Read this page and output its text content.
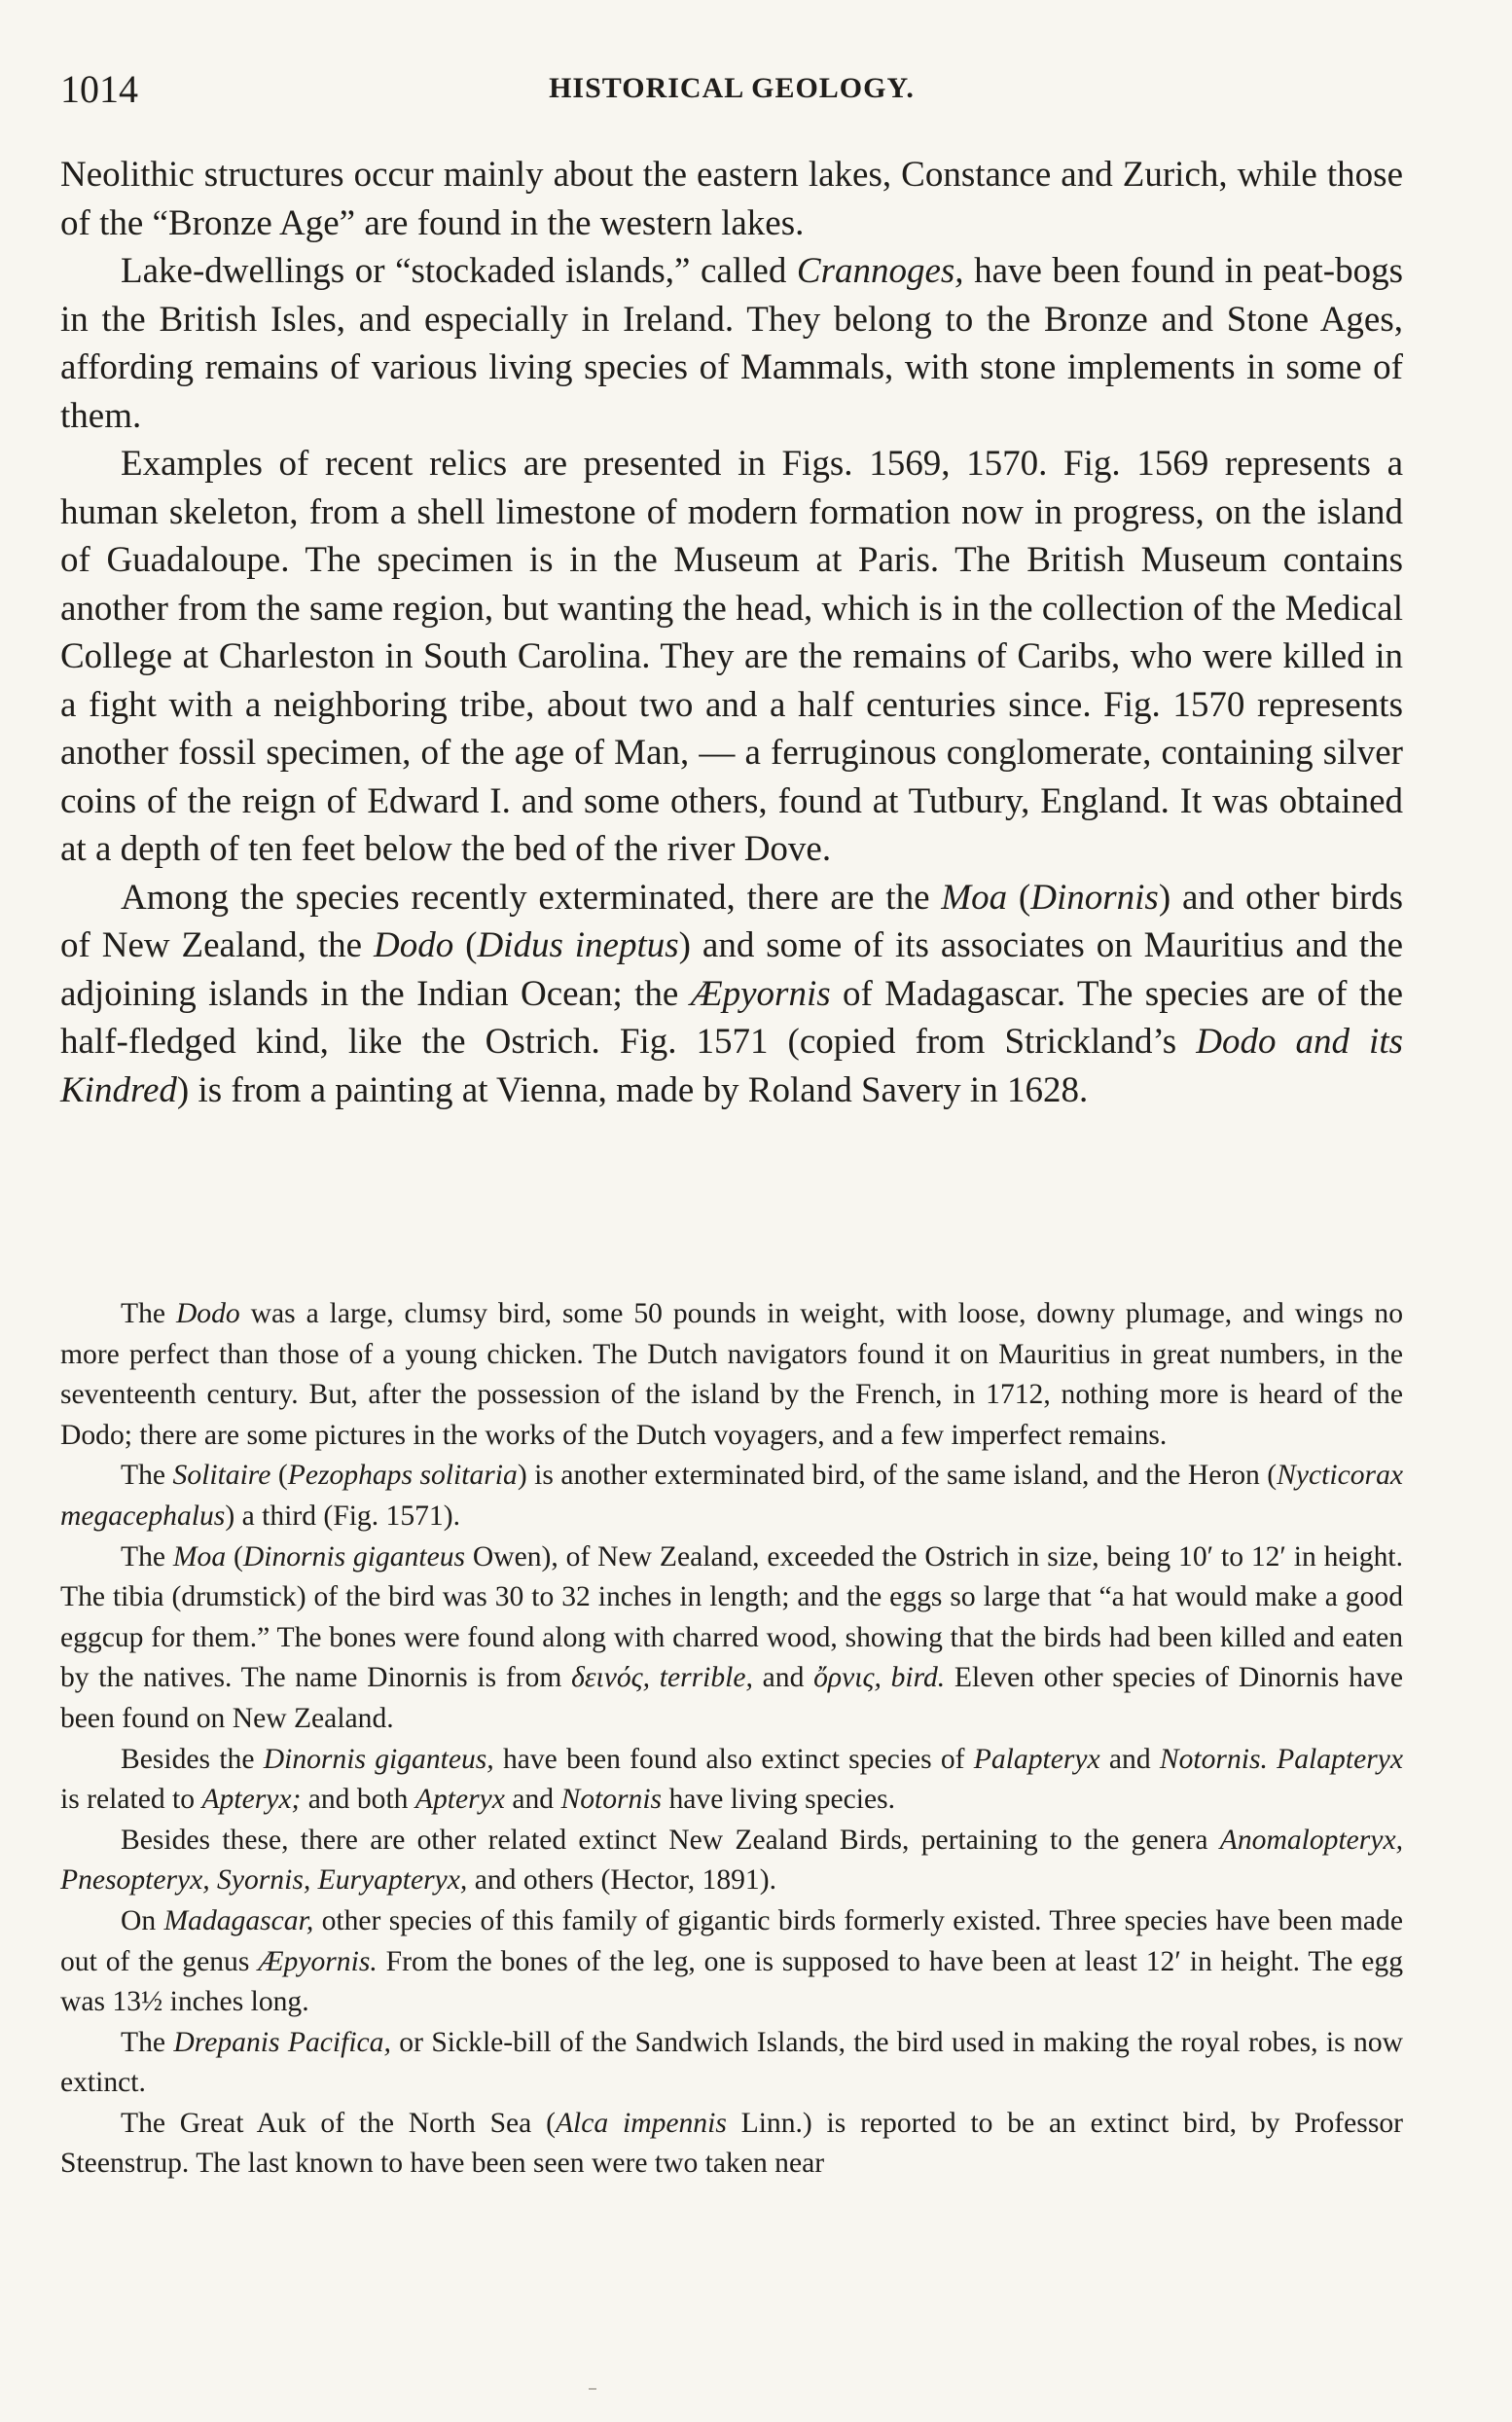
1014	HISTORICAL GEOLOGY.

Neolithic structures occur mainly about the eastern lakes, Constance and Zurich, while those of the “Bronze Age” are found in the western lakes.

Lake-dwellings or “stockaded islands,” called Crannoges, have been found in peat-bogs in the British Isles, and especially in Ireland. They belong to the Bronze and Stone Ages, affording remains of various living species of Mammals, with stone implements in some of them.

Examples of recent relics are presented in Figs. 1569, 1570. Fig. 1569 represents a human skeleton, from a shell limestone of modern formation now in progress, on the island of Guadaloupe. The specimen is in the Museum at Paris. The British Museum contains another from the same region, but wanting the head, which is in the collection of the Medical College at Charleston in South Carolina. They are the remains of Caribs, who were killed in a fight with a neighboring tribe, about two and a half centuries since. Fig. 1570 represents another fossil specimen, of the age of Man, — a ferruginous conglomerate, containing silver coins of the reign of Edward I. and some others, found at Tutbury, England. It was obtained at a depth of ten feet below the bed of the river Dove.

Among the species recently exterminated, there are the Moa (Dinornis) and other birds of New Zealand, the Dodo (Didus ineptus) and some of its associates on Mauritius and the adjoining islands in the Indian Ocean; the Æpyornis of Madagascar. The species are of the half-fledged kind, like the Ostrich. Fig. 1571 (copied from Strickland’s Dodo and its Kindred) is from a painting at Vienna, made by Roland Savery in 1628.

The Dodo was a large, clumsy bird, some 50 pounds in weight, with loose, downy plumage, and wings no more perfect than those of a young chicken. The Dutch navigators found it on Mauritius in great numbers, in the seventeenth century. But, after the possession of the island by the French, in 1712, nothing more is heard of the Dodo; there are some pictures in the works of the Dutch voyagers, and a few imperfect remains.

The Solitaire (Pezophaps solitaria) is another exterminated bird, of the same island, and the Heron (Nycticorax megacephalus) a third (Fig. 1571).

The Moa (Dinornis giganteus Owen), of New Zealand, exceeded the Ostrich in size, being 10′ to 12′ in height. The tibia (drumstick) of the bird was 30 to 32 inches in length; and the eggs so large that “a hat would make a good eggcup for them.” The bones were found along with charred wood, showing that the birds had been killed and eaten by the natives. The name Dinornis is from δεινός, terrible, and ὄρνις, bird. Eleven other species of Dinornis have been found on New Zealand.

Besides the Dinornis giganteus, have been found also extinct species of Palapteryx and Notornis. Palapteryx is related to Apteryx; and both Apteryx and Notornis have living species.

Besides these, there are other related extinct New Zealand Birds, pertaining to the genera Anomalopteryx, Pnesopteryx, Syornis, Euryapteryx, and others (Hector, 1891).

On Madagascar, other species of this family of gigantic birds formerly existed. Three species have been made out of the genus Æpyornis. From the bones of the leg, one is supposed to have been at least 12′ in height. The egg was 13½ inches long.

The Drepanis Pacifica, or Sickle-bill of the Sandwich Islands, the bird used in making the royal robes, is now extinct.

The Great Auk of the North Sea (Alca impennis Linn.) is reported to be an extinct bird, by Professor Steenstrup. The last known to have been seen were two taken near
